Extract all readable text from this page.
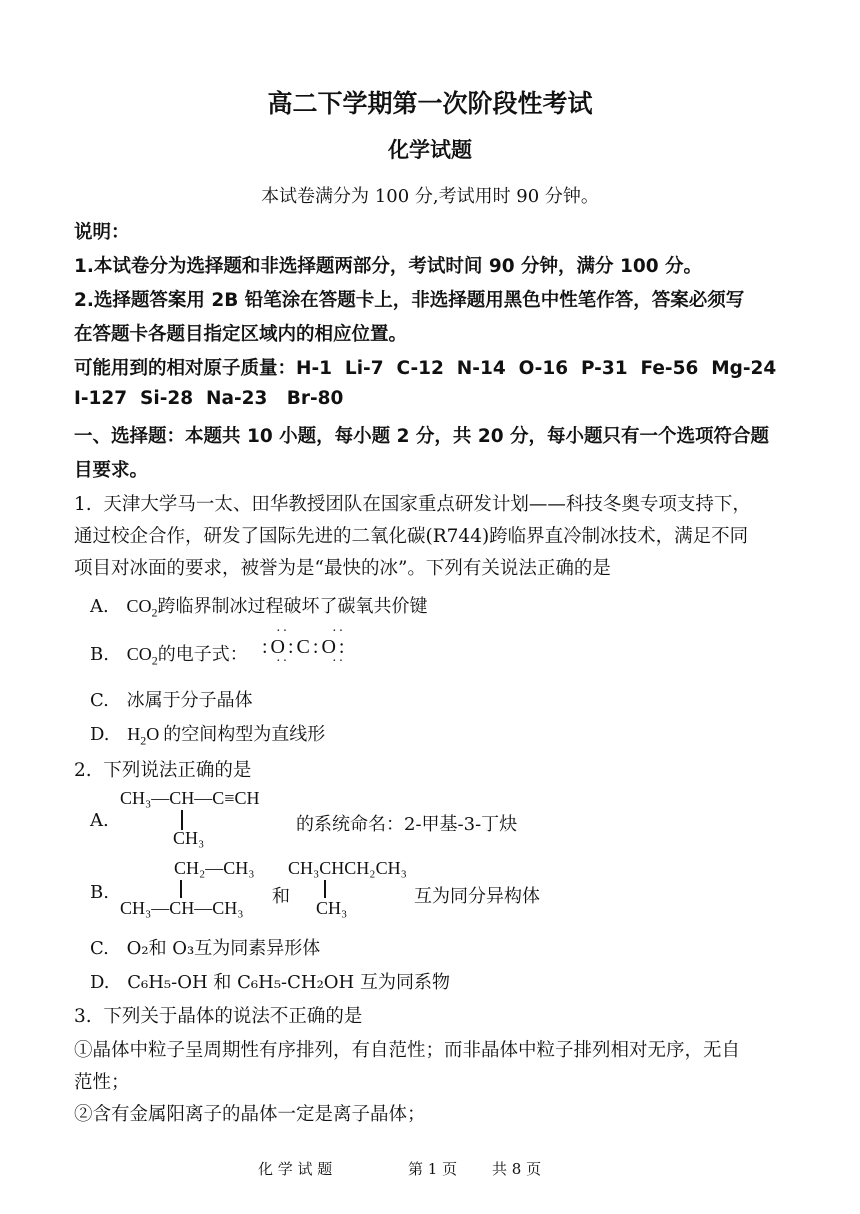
高二下学期第一次阶段性考试
化学试题
本试卷满分为 100 分,考试用时 90 分钟。
说明：
1.本试卷分为选择题和非选择题两部分，考试时间 90 分钟，满分 100 分。
2.选择题答案用 2B 铅笔涂在答题卡上，非选择题用黑色中性笔作答，答案必须写
在答题卡各题目指定区域内的相应位置。
可能用到的相对原子质量：H-1  Li-7  C-12  N-14  O-16  P-31  Fe-56  Mg-24
I-127  Si-28  Na-23   Br-80
一、选择题：本题共 10 小题，每小题 2 分，共 20 分，每小题只有一个选项符合题
目要求。
1.  天津大学马一太、田华教授团队在国家重点研发计划——科技冬奥专项支持下，
通过校企合作，研发了国际先进的二氧化碳(R744)跨临界直冷制冰技术，满足不同
项目对冰面的要求，被誉为是“最快的冰”。下列有关说法正确的是
A. $CO_2$跨临界制冰过程破坏了碳氧共价键
B. $CO_2$的电子式：
··	··
:O:C:O:
··	··
C. 冰属于分子晶体
D. $H_2O$ 的空间构型为直线形
2.  下列说法正确的是
A.
CH₃—CH—C≡CH
CH₃
的系统命名：2-甲基-3-丁炔
B.
CH₂—CH₃
CH₃—CH—CH₃
和
CH₃CHCH₂CH₃
CH₃
互为同分异构体
C. O₂和 O₃互为同素异形体
D. C₆H₅-OH 和 C₆H₅-CH₂OH 互为同系物
3.  下列关于晶体的说法不正确的是
①晶体中粒子呈周期性有序排列，有自范性；而非晶体中粒子排列相对无序，无自
范性；
②含有金属阳离子的晶体一定是离子晶体；
化 学 试 题	第 1 页 共 8 页
